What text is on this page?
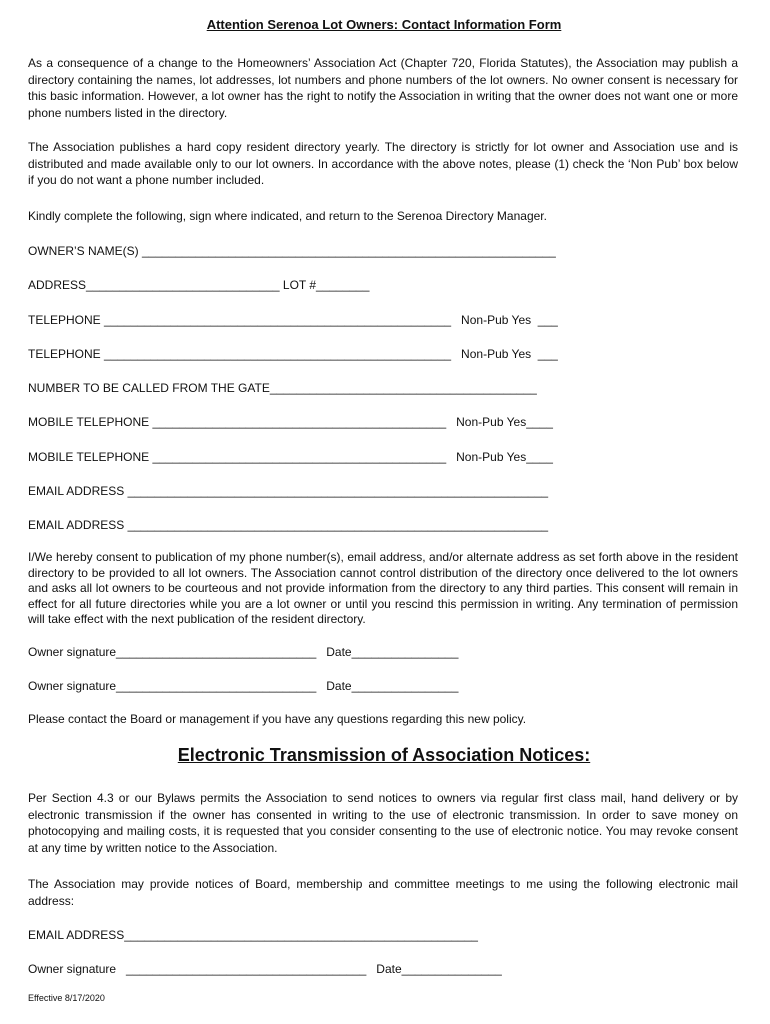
Attention Serenoa Lot Owners: Contact Information Form
As a consequence of a change to the Homeowners’ Association Act (Chapter 720, Florida Statutes), the Association may publish a directory containing the names, lot addresses, lot numbers and phone numbers of the lot owners. No owner consent is necessary for this basic information. However, a lot owner has the right to notify the Association in writing that the owner does not want one or more phone numbers listed in the directory.
The Association publishes a hard copy resident directory yearly. The directory is strictly for lot owner and Association use and is distributed and made available only to our lot owners. In accordance with the above notes, please (1) check the ‘Non Pub’ box below if you do not want a phone number included.
Kindly complete the following, sign where indicated, and return to the Serenoa Directory Manager.
OWNER’S NAME(S) ______________________________________________________________
ADDRESS_____________________________ LOT #________
TELEPHONE ____________________________________________________   Non-Pub Yes  ___
TELEPHONE ____________________________________________________   Non-Pub Yes  ___
NUMBER TO BE CALLED FROM THE GATE________________________________________
MOBILE TELEPHONE ____________________________________________   Non-Pub Yes____
MOBILE TELEPHONE ____________________________________________   Non-Pub Yes____
EMAIL ADDRESS _______________________________________________________________
EMAIL ADDRESS _______________________________________________________________
I/We hereby consent to publication of my phone number(s), email address, and/or alternate address as set forth above in the resident directory to be provided to all lot owners. The Association cannot control distribution of the directory once delivered to the lot owners and asks all lot owners to be courteous and not provide information from the directory to any third parties. This consent will remain in effect for all future directories while you are a lot owner or until you rescind this permission in writing. Any termination of permission will take effect with the next publication of the resident directory.
Owner signature______________________________   Date________________
Owner signature______________________________   Date________________
Please contact the Board or management if you have any questions regarding this new policy.
Electronic Transmission of Association Notices:
Per Section 4.3 or our Bylaws permits the Association to send notices to owners via regular first class mail, hand delivery or by electronic transmission if the owner has consented in writing to the use of electronic transmission. In order to save money on photocopying and mailing costs, it is requested that you consider consenting to the use of electronic notice. You may revoke consent at any time by written notice to the Association.
The Association may provide notices of Board, membership and committee meetings to me using the following electronic mail address:
EMAIL ADDRESS_____________________________________________________
Owner signature   ____________________________________   Date_______________
Effective 8/17/2020
